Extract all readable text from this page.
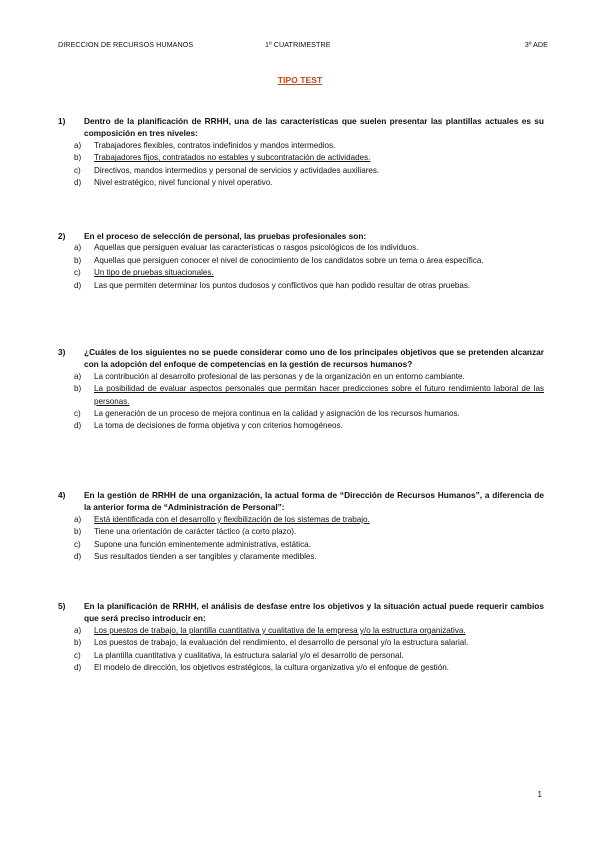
DIRECCION DE RECURSOS HUMANOS	1º CUATRIMESTRE	3º ADE
TIPO TEST
1)	Dentro de la planificación de RRHH, una de las características que suelen presentar las plantillas actuales es su composición en tres niveles:
a)	Trabajadores flexibles, contratos indefinidos y mandos intermedios.
b)	Trabajadores fijos, contratados no estables y subcontratación de actividades.
c)	Directivos, mandos intermedios y personal de servicios y actividades auxiliares.
d)	Nivel estratégico, nivel funcional y nivel operativo.
2)	En el proceso de selección de personal, las pruebas profesionales son:
a)	Aquellas que persiguen evaluar las características o rasgos psicológicos de los individuos.
b)	Aquellas que persiguen conocer el nivel de conocimiento de los candidatos sobre un tema o área específica.
c)	Un tipo de pruebas situacionales.
d)	Las que permiten determinar los puntos dudosos y conflictivos que han podido resultar de otras pruebas.
3)	¿Cuáles de los siguientes no se puede considerar como uno de los principales objetivos que se pretenden alcanzar con la adopción del enfoque de competencias en la gestión de recursos humanos?
a)	La contribución al desarrollo profesional de las personas y de la organización en un entorno cambiante.
b)	La posibilidad de evaluar aspectos personales que permitan hacer predicciones sobre el futuro rendimiento laboral de las personas.
c)	La generación de un proceso de mejora continua en la calidad y asignación de los recursos humanos.
d)	La toma de decisiones de forma objetiva y con criterios homogéneos.
4)	En la gestión de RRHH de una organización, la actual forma de “Dirección de Recursos Humanos”, a diferencia de la anterior forma de “Administración de Personal”:
a)	Está identificada con el desarrollo y flexibilización de los sistemas de trabajo.
b)	Tiene una orientación de carácter táctico (a corto plazo).
c)	Supone una función eminentemente administrativa, estática.
d)	Sus resultados tienden a ser tangibles y claramente medibles.
5)	En la planificación de RRHH, el análisis de desfase entre los objetivos y la situación actual puede requerir cambios que será preciso introducir en:
a)	Los puestos de trabajo, la plantilla cuantitativa y cualitativa de la empresa y/o la estructura organizativa.
b)	Los puestos de trabajo, la evaluación del rendimiento, el desarrollo de personal y/o la estructura salarial.
c)	La plantilla cuantitativa y cualitativa, la estructura salarial y/o el desarrollo de personal.
d)	El modelo de dirección, los objetivos estratégicos, la cultura organizativa y/o el enfoque de gestión.
1
